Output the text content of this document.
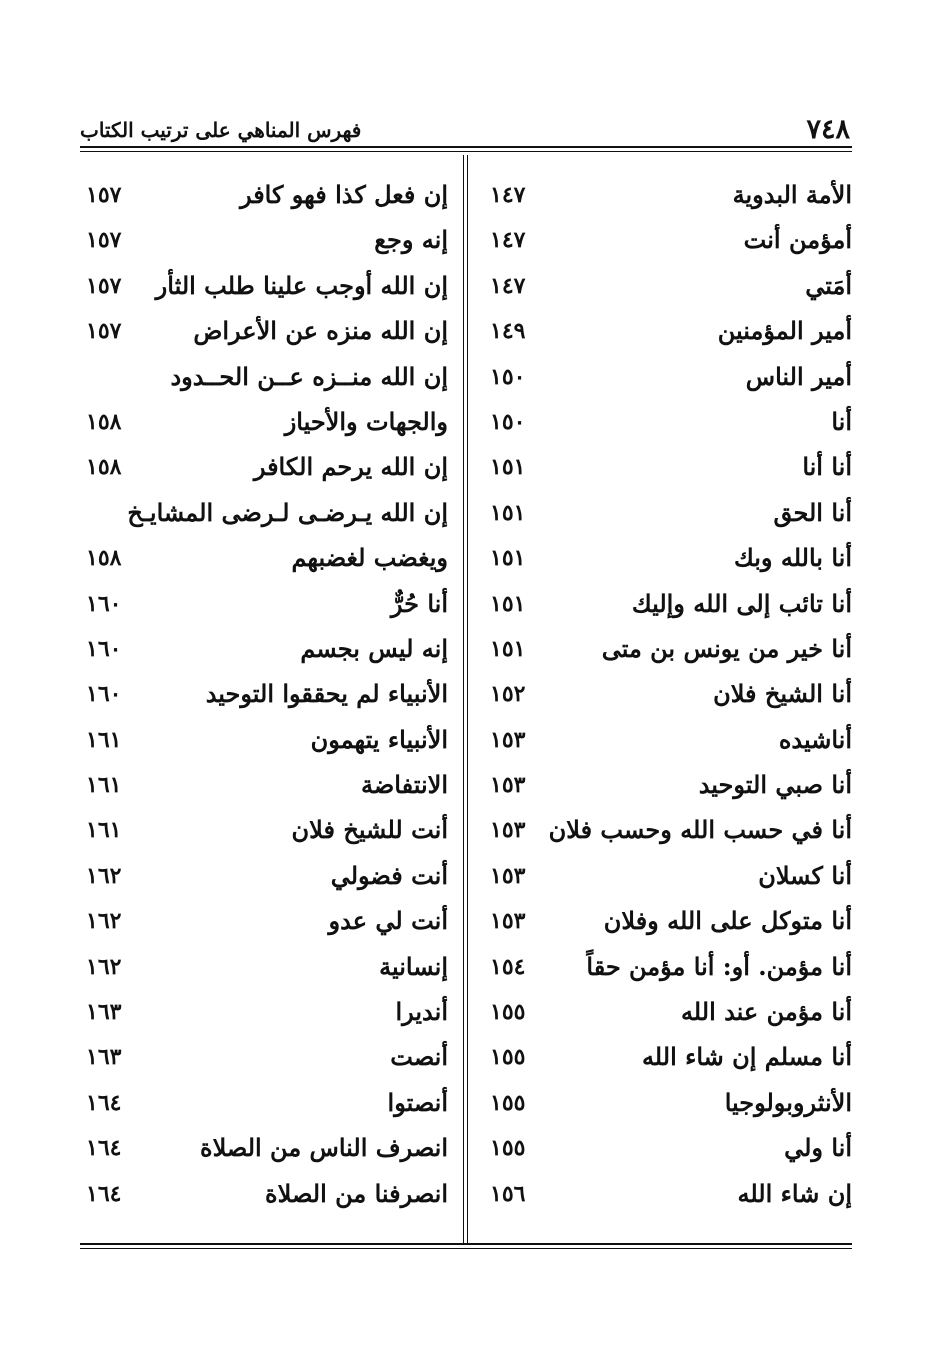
٧٤٨
فهرس المناهي على ترتيب الكتاب
الأمة البدوية
١٤٧
أمؤمن أنت
١٤٧
أمَتي
١٤٧
أمير المؤمنين
١٤٩
أمير الناس
١٥٠
أنا
١٥٠
أنا أنا
١٥١
أنا الحق
١٥١
أنا بالله وبك
١٥١
أنا تائب إلى الله وإليك
١٥١
أنا خير من يونس بن متى
١٥١
أنا الشيخ فلان
١٥٢
أناشيده
١٥٣
أنا صبي التوحيد
١٥٣
أنا في حسب الله وحسب فلان
١٥٣
أنا كسلان
١٥٣
أنا متوكل على الله وفلان
١٥٣
أنا مؤمن. أو: أنا مؤمن حقاً
١٥٤
أنا مؤمن عند الله
١٥٥
أنا مسلم إن شاء الله
١٥٥
الأنثروبولوجيا
١٥٥
أنا ولي
١٥٥
إن شاء الله
١٥٦
إن فعل كذا فهو كافر
١٥٧
إنه وجع
١٥٧
إن الله أوجب علينا طلب الثأر
١٥٧
إن الله منزه عن الأعراض
١٥٧
إن الله منــزه عــن الحــدود
والجهات والأحياز
١٥٨
إن الله يرحم الكافر
١٥٨
إن الله يـرضـى لـرضى المشايـخ
ويغضب لغضبهم
١٥٨
أنا حُرٌّ
١٦٠
إنه ليس بجسم
١٦٠
الأنبياء لم يحققوا التوحيد
١٦٠
الأنبياء يتهمون
١٦١
الانتفاضة
١٦١
أنت للشيخ فلان
١٦١
أنت فضولي
١٦٢
أنت لي عدو
١٦٢
إنسانية
١٦٢
أنديرا
١٦٣
أنصت
١٦٣
أنصتوا
١٦٤
انصرف الناس من الصلاة
١٦٤
انصرفنا من الصلاة
١٦٤
